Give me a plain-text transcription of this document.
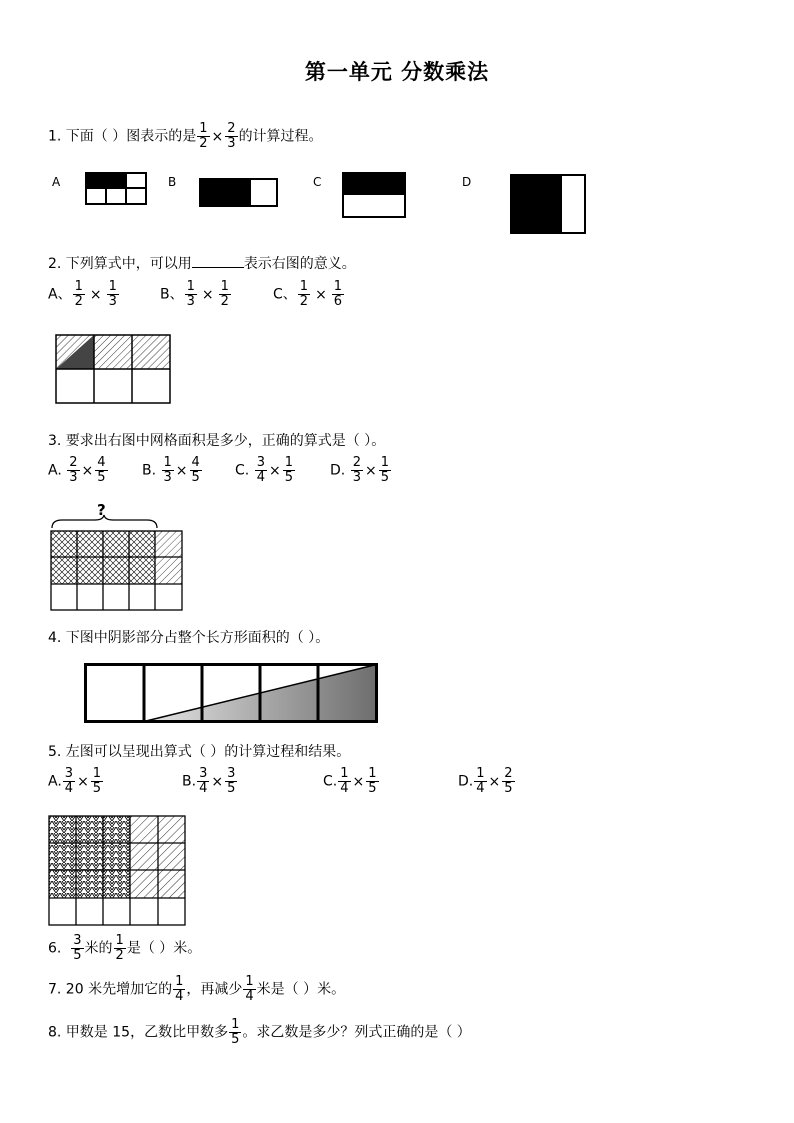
第一单元 分数乘法
1. 下面（ ）图表示的是 $\frac{1}{2} \times \frac{2}{3}$ 的计算过程。
A	B	C	D
2. 下列算式中，可以用	表示右图的意义。
A、 $\frac{1}{2} \times \frac{1}{3}$	B、 $\frac{1}{3} \times \frac{1}{2}$	C、 $\frac{1}{2} \times \frac{1}{6}$
3. 要求出右图中网格面积是多少，正确的算式是（ ）。
A. $\frac{2}{3} \times \frac{4}{5} B$. $\frac{1}{3} \times \frac{4}{5} C$. $\frac{3}{4} \times \frac{1}{5}$	D. $\frac{2}{3} \times \frac{1}{5}$
?
4. 下图中阴影部分占整个长方形面积的（ ）。
5. 左图可以呈现出算式（ ）的计算过程和结果。
A. $\frac{3}{4} \times \frac{1}{5}$	B. $\frac{3}{4} \times \frac{3}{5}$	C. $\frac{1}{4} \times \frac{1}{5}$	D. $\frac{1}{4} \times \frac{2}{5}$
6. $\frac{3}{5}$ 米的 $\frac{1}{2}$ 是（ ）米。
7. 20 米先增加它的 $\frac{1}{4}$ ，再减少 $\frac{1}{4}$ 米是（ ）米。
8. 甲数是 15，乙数比甲数多 $\frac{1}{5}$ 。求乙数是多少？列式正确的是（ ）
